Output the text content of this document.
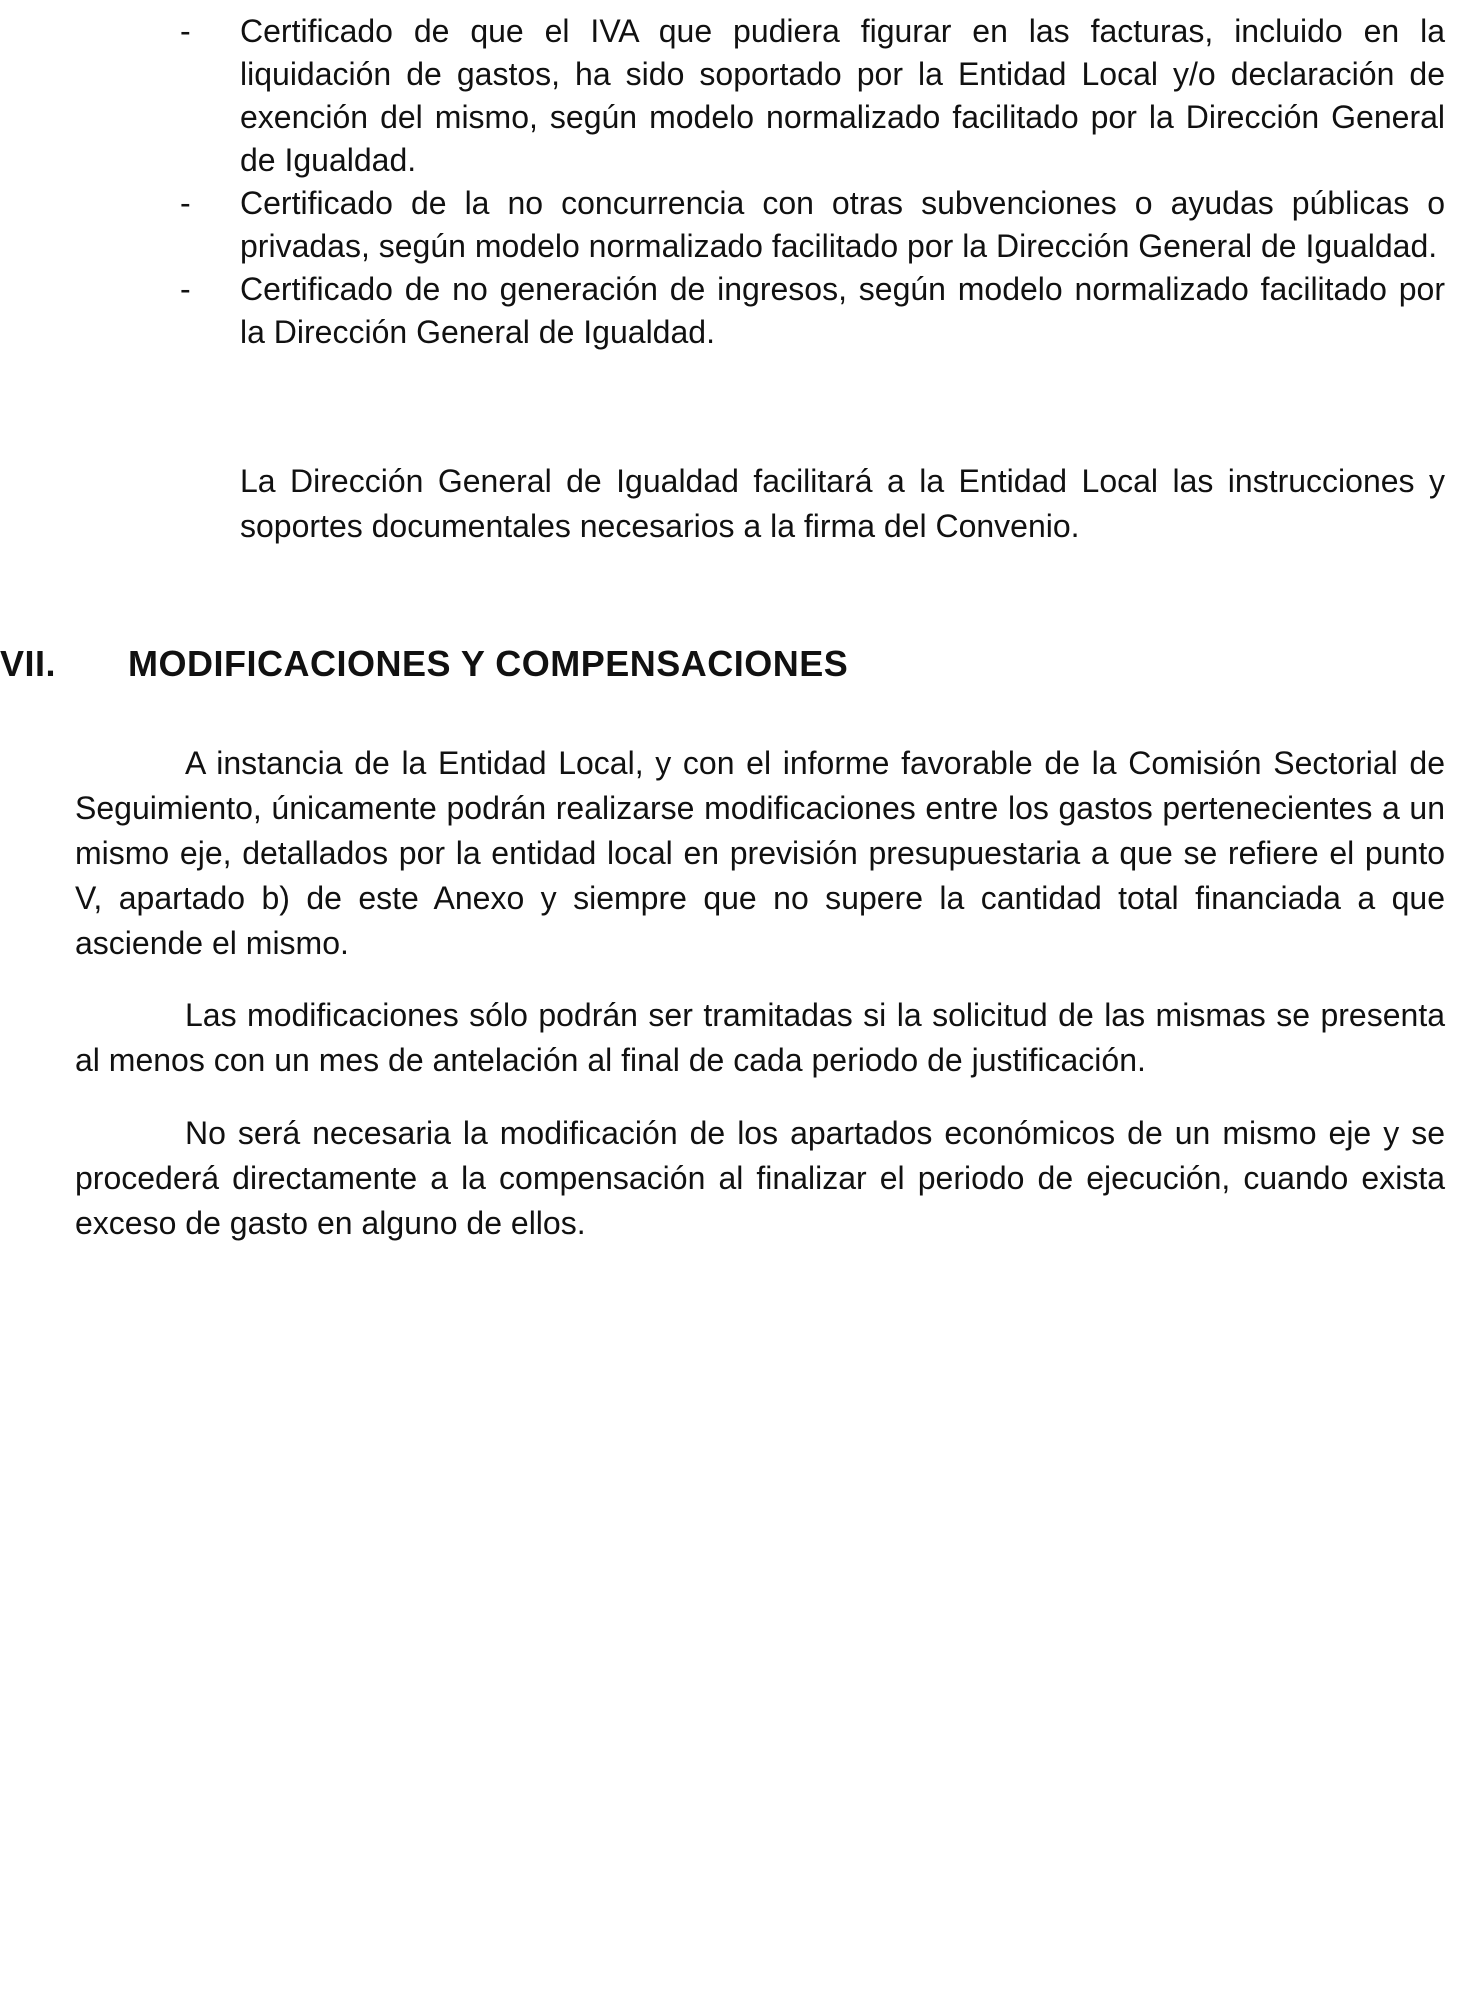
- Certificado de que el IVA que pudiera figurar en las facturas, incluido en la liquidación de gastos, ha sido soportado por la Entidad Local y/o declaración de exención del mismo, según modelo normalizado facilitado por la Dirección General de Igualdad.
- Certificado de la no concurrencia con otras subvenciones o ayudas públicas o privadas, según modelo normalizado facilitado por la Dirección General de Igualdad.
- Certificado de no generación de ingresos, según modelo normalizado facilitado por la Dirección General de Igualdad.

La Dirección General de Igualdad facilitará a la Entidad Local las instrucciones y soportes documentales necesarios a la firma del Convenio.

VII. MODIFICACIONES Y COMPENSACIONES

A instancia de la Entidad Local, y con el informe favorable de la Comisión Sectorial de Seguimiento, únicamente podrán realizarse modificaciones entre los gastos pertenecientes a un mismo eje, detallados por la entidad local en previsión presupuestaria a que se refiere el punto V, apartado b) de este Anexo y siempre que no supere la cantidad total financiada a que asciende el mismo.

Las modificaciones sólo podrán ser tramitadas si la solicitud de las mismas se presenta al menos con un mes de antelación al final de cada periodo de justificación.

No será necesaria la modificación de los apartados económicos de un mismo eje y se procederá directamente a la compensación al finalizar el periodo de ejecución, cuando exista exceso de gasto en alguno de ellos.
